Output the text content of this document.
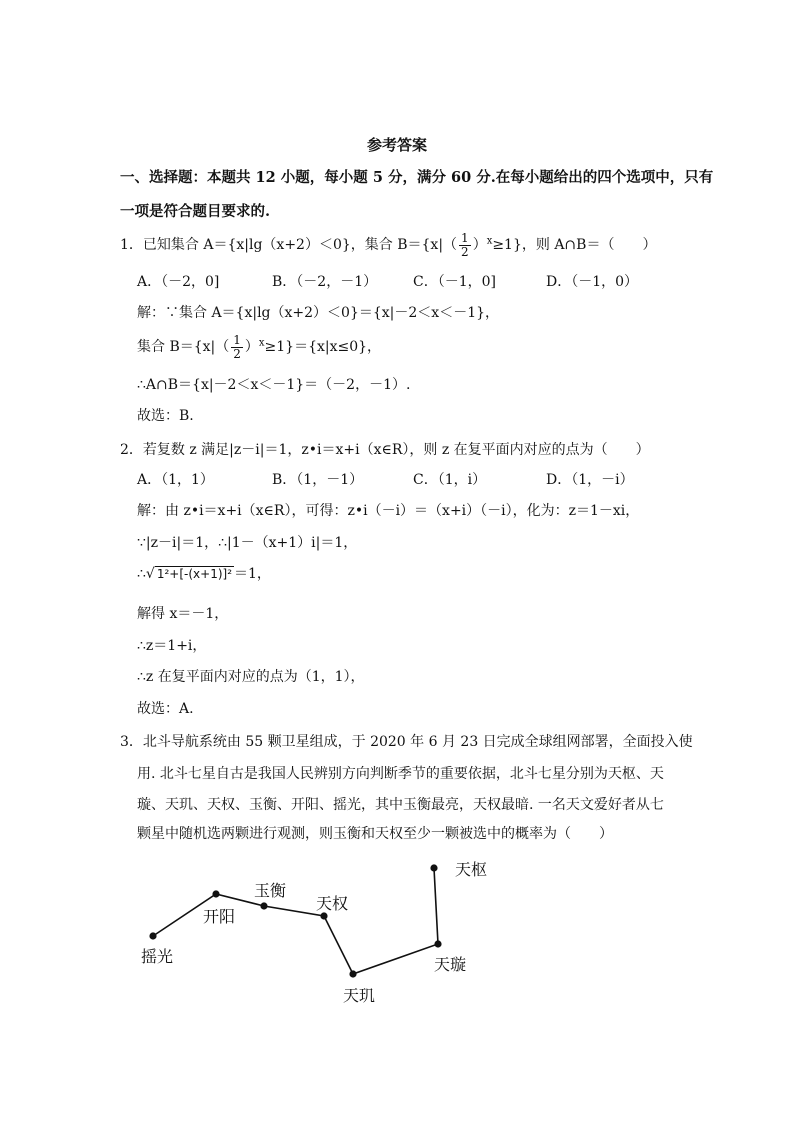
参考答案
一、选择题：本题共 12 小题，每小题 5 分，满分 60 分.在每小题给出的四个选项中，只有
一项是符合题目要求的.
1．已知集合 A＝{x|lg（x+2）＜0}，集合 $B=\{x|( \frac{1}{2} )^x\ge 1\}$，则 A∩B＝（　　）
A．（－2，0]	B．（－2，－1）	C．（－1，0]	D．（－1，0）
解：∵集合 A＝{x|lg（x+2）＜0}＝{x|－2＜x＜－1}，
集合 $B=\{x|( \frac{1}{2} )^x\ge 1\}=\{x|x\le 0\}$，
∴A∩B＝{x|－2＜x＜－1}＝（－2，－1）.
故选：B.
2．若复数 z 满足|z－i|＝1，z•i＝x+i（x∈R），则 z 在复平面内对应的点为（　　）
A．（1，1）	B．（1，－1）	C．（1，i）	D．（1，－i）
解：由 z•i＝x+i（x∈R），可得：z•i（－i）＝（x+i）（－i），化为：z＝1－xi，
∵|z－i|＝1，∴|1－（x+1）i|＝1，
∴√ 1²+[-(x+1)]² ＝1，
解得 x＝－1，
∴z＝1+i，
∴z 在复平面内对应的点为（1，1），
故选：A.
3．北斗导航系统由 55 颗卫星组成，于 2020 年 6 月 23 日完成全球组网部署，全面投入使
用. 北斗七星自古是我国人民辨别方向判断季节的重要依据，北斗七星分别为天枢、天
璇、天玑、天权、玉衡、开阳、摇光，其中玉衡最亮，天权最暗. 一名天文爱好者从七
颗星中随机选两颗进行观测，则玉衡和天权至少一颗被选中的概率为（　　）
天枢
玉衡
天权
开阳
摇光	天璇
天玑
